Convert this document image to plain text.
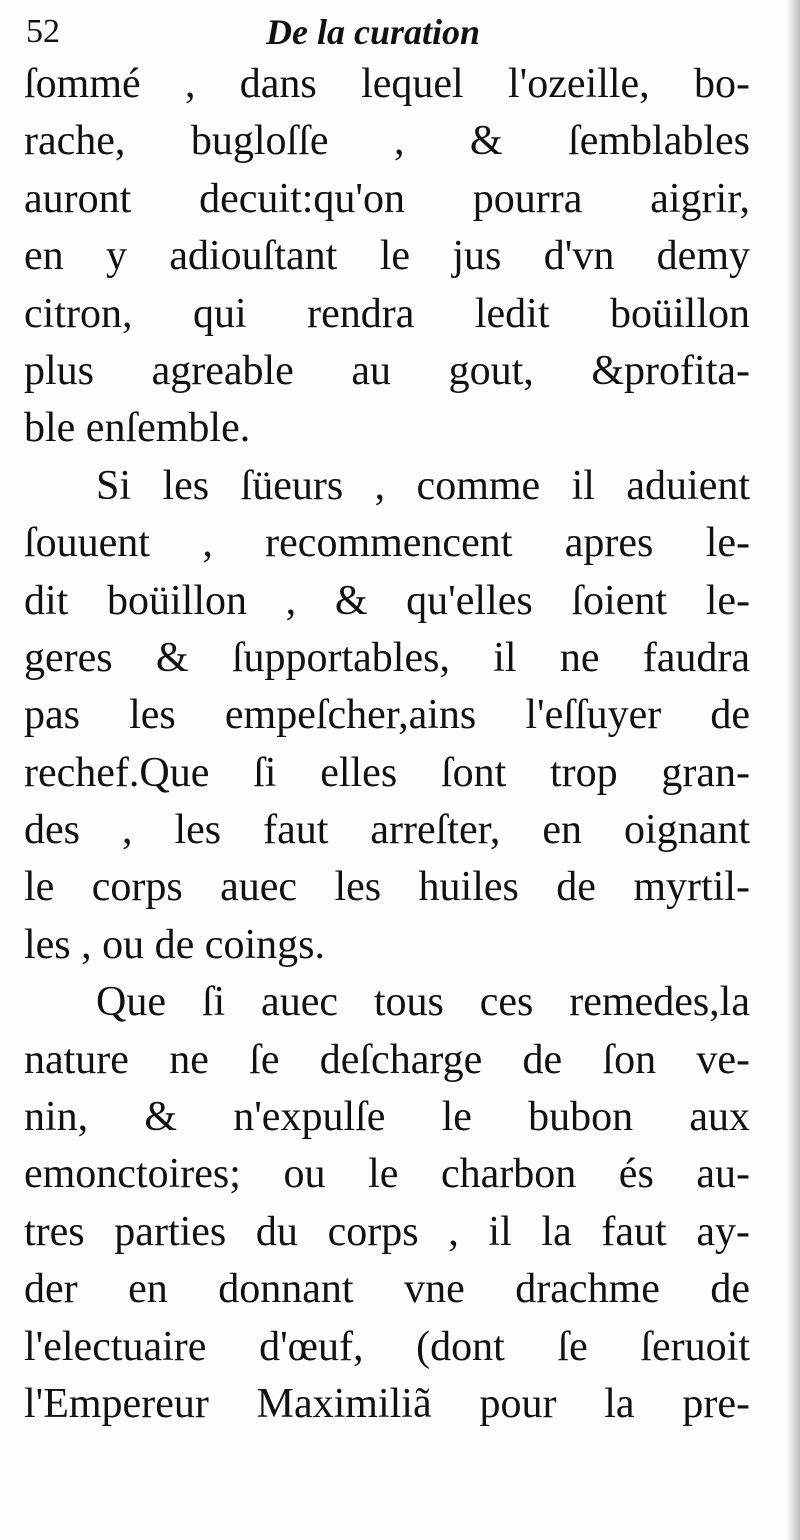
52	De la curation
ſommé , dans lequel l'ozeille, bo-
rache, bugloſſe , & ſemblables
auront decuit:qu'on pourra aigrir,
en y adiouſtant le jus d'vn demy
citron, qui rendra ledit boüillon
plus agreable au gout, &profita-
ble enſemble.
Si les ſüeurs , comme il aduient
ſouuent , recommencent apres le-
dit boüillon , & qu'elles ſoient le-
geres & ſupportables, il ne faudra
pas les empeſcher,ains l'eſſuyer de
rechef.Que ſi elles ſont trop gran-
des , les faut arreſter, en oignant
le corps auec les huiles de myrtil-
les , ou de coings.
Que ſi auec tous ces remedes,la
nature ne ſe deſcharge de ſon ve-
nin, & n'expulſe le bubon aux
emonctoires; ou le charbon és au-
tres parties du corps , il la faut ay-
der en donnant vne drachme de
l'electuaire d'œuf, (dont ſe ſeruoit
l'Empereur Maximiliã pour la pre-
